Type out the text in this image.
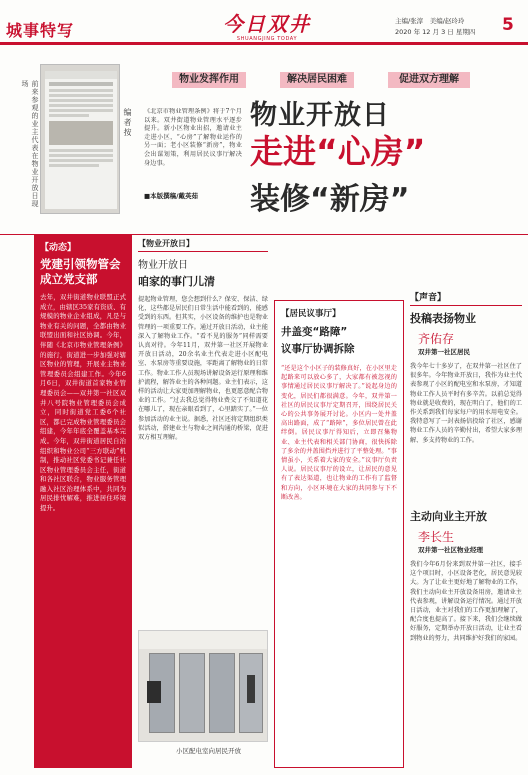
城事特写	今日双井
SHUANGJING TODAY
主编/张淳　美编/赵玲玲
2020 年 12 月 3 日 星期四 5
前来参观的业主代表在物业开放日现场
编者按 《北京市物业管理条例》将于7个月以来。双井街道物业管理水平逐步提升。新小区物业出招，邀请业主走进小区，“心房”了解物业运作的另一面；老小区装修“新房”，物业会出谋划策，利用居民议事厅解决身边事。
■本版撰稿/戴英茹
物业发挥作用	解决居民困难	促进双方理解
物业开放日
走进“心房”
装修“新房”
【动态】
党建引领物管会成立党支部
去年，双井街道物业联盟正式成立，由辖区35家有资质、有规模的物业企业组成，凡是与物业有关的问题，全都由物业联盟出面和社区协调。今年，伴随《北京市物业管理条例》的施行，街道进一步加强对辖区物业的管理，开展业主物业管理委员会组建工作。今年6月6日，双井街道首家物业管理委员会——双井第一社区双井八号院物业管理委员会成立，同时街道党工委6个社区，都已完成物业管理委员会组建，今年年底全覆盖基本完成。今年，双井街道居民自治组织和物业公司“三方联动”机制，推动社区党委书记兼任社区物业管理委员会主任，街道和各社区联合，物业服务管理融入社区治理体系中，共同为居民排忧解难，推进居住环境提升。
【物业开放日】
物业开放日
咱家的事门儿清
提起物业管理，您会想到什么？保安、保洁、绿化，这些都是居民们日常生活中能看到的，能感受到的东西。但其实，小区设备的维护也是物业管理的一项重要工作。通过开放日活动，业主能深入了解物业工作。“看不见的服务”同样需要认真对待。今年11月，双井第一社区开展物业开放日活动，20余名业主代表走进小区配电室、水泵房等重要设施，零距离了解物业的日常工作。物业工作人员现场讲解设备运行原理和维护流程，解答业主的各种问题。业主们表示，这样的活动让大家更加理解物业，也更愿意配合物业的工作。“过去我总觉得物业费交了不知道花在哪儿了，现在亲眼看到了，心里踏实了。”一位参加活动的业主说。据悉，社区还将定期组织类似活动，搭建业主与物业之间沟通的桥梁，促进双方相互理解。
小区配电室向居民开放
【居民议事厅】
井盖变“路障”
议事厅协调拆除
“还是这个小区子的装修真好，在小区里走起路来可以放心多了，大家都有被忽视的事情通过居民议事厅解决了。”说起身边的变化，居民们都很满意。今年，双井第一社区的居民议事厅定期召开，围绕居民关心的公共事务展开讨论。小区内一处井盖高出路面，成了“路障”，多位居民曾在此绊倒。居民议事厅得知后，立即召集物业、业主代表和相关部门协商，很快拆除了多余的井盖围挡并进行了平整处理。“事情虽小，关系着大家的安全。”议事厅负责人说。居民议事厅的设立，让居民的意见有了表达渠道，也让物业的工作有了监督和方向，小区环境在大家的共同参与下不断改善。
【声音】
投稿表扬物业
齐佑存
双井第一社区居民
我今年七十多岁了，在双井第一社区住了很多年。今年物业开放日，我作为业主代表参观了小区的配电室和水泵房，才知道物业工作人员平时有多辛苦。以前总觉得物业就是收费的，现在明白了，他们的工作关系到我们每家每户的用水用电安全。我特意写了一封表扬信投给了社区，感谢物业工作人员的辛勤付出，希望大家多理解、多支持物业的工作。
主动向业主开放
李长生
双井第一社区物业经理
我们今年6月份来到双井第一社区，接手这个项目时，小区设备老化，居民意见较大。为了让业主更好地了解物业的工作，我们主动向业主开放设备用房，邀请业主代表参观，讲解设备运行情况。通过开放日活动，业主对我们的工作更加理解了，配合度也提高了。接下来，我们会继续做好服务，定期举办开放日活动，让业主看到物业的努力，共同维护好我们的家园。
